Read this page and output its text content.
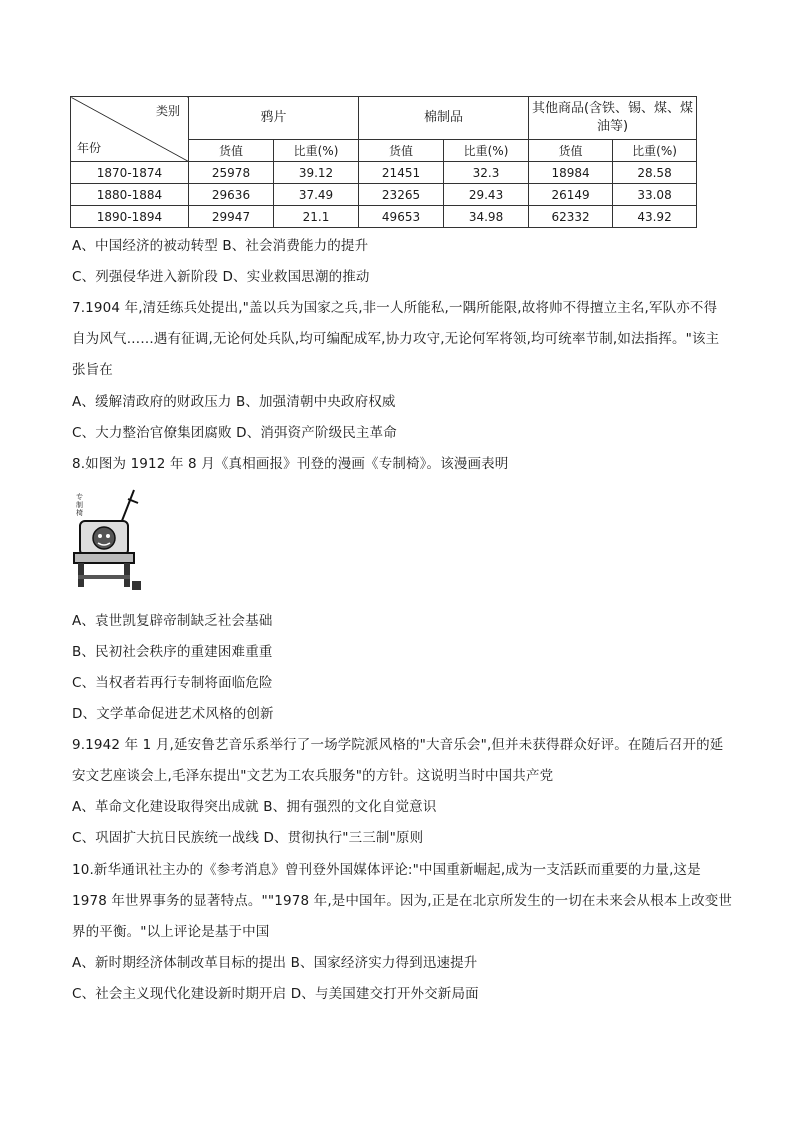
类别
年份	鸦片		棉制品		其他商品(含铁、锡、煤、煤油等)	
	货值	比重(%)	货值	比重(%)	货值	比重(%)
1870-1874	25978	39.12	21451	32.3	18984	28.58
1880-1884	29636	37.49	23265	29.43	26149	33.08
1890-1894	29947	21.1	49653	34.98	62332	43.92
A、中国经济的被动转型 B、社会消费能力的提升
C、列强侵华进入新阶段 D、实业救国思潮的推动
7.1904 年,清廷练兵处提出,"盖以兵为国家之兵,非一人所能私,一隅所能限,故将帅不得擅立主名,军队亦不得
自为风气……遇有征调,无论何处兵队,均可编配成军,协力攻守,无论何军将领,均可统率节制,如法指挥。"该主
张旨在
A、缓解清政府的财政压力 B、加强清朝中央政府权威
C、大力整治官僚集团腐败 D、消弭资产阶级民主革命
8.如图为 1912 年 8 月《真相画报》刊登的漫画《专制椅》。该漫画表明
专
制
椅
A、袁世凯复辟帝制缺乏社会基础
B、民初社会秩序的重建困难重重
C、当权者若再行专制将面临危险
D、文学革命促进艺术风格的创新
9.1942 年 1 月,延安鲁艺音乐系举行了一场学院派风格的"大音乐会",但并未获得群众好评。在随后召开的延
安文艺座谈会上,毛泽东提出"文艺为工农兵服务"的方针。这说明当时中国共产党
A、革命文化建设取得突出成就 B、拥有强烈的文化自觉意识
C、巩固扩大抗日民族统一战线 D、贯彻执行"三三制"原则
10.新华通讯社主办的《参考消息》曾刊登外国媒体评论:"中国重新崛起,成为一支活跃而重要的力量,这是
1978 年世界事务的显著特点。""1978 年,是中国年。因为,正是在北京所发生的一切在未来会从根本上改变世
界的平衡。"以上评论是基于中国
A、新时期经济体制改革目标的提出 B、国家经济实力得到迅速提升
C、社会主义现代化建设新时期开启 D、与美国建交打开外交新局面
